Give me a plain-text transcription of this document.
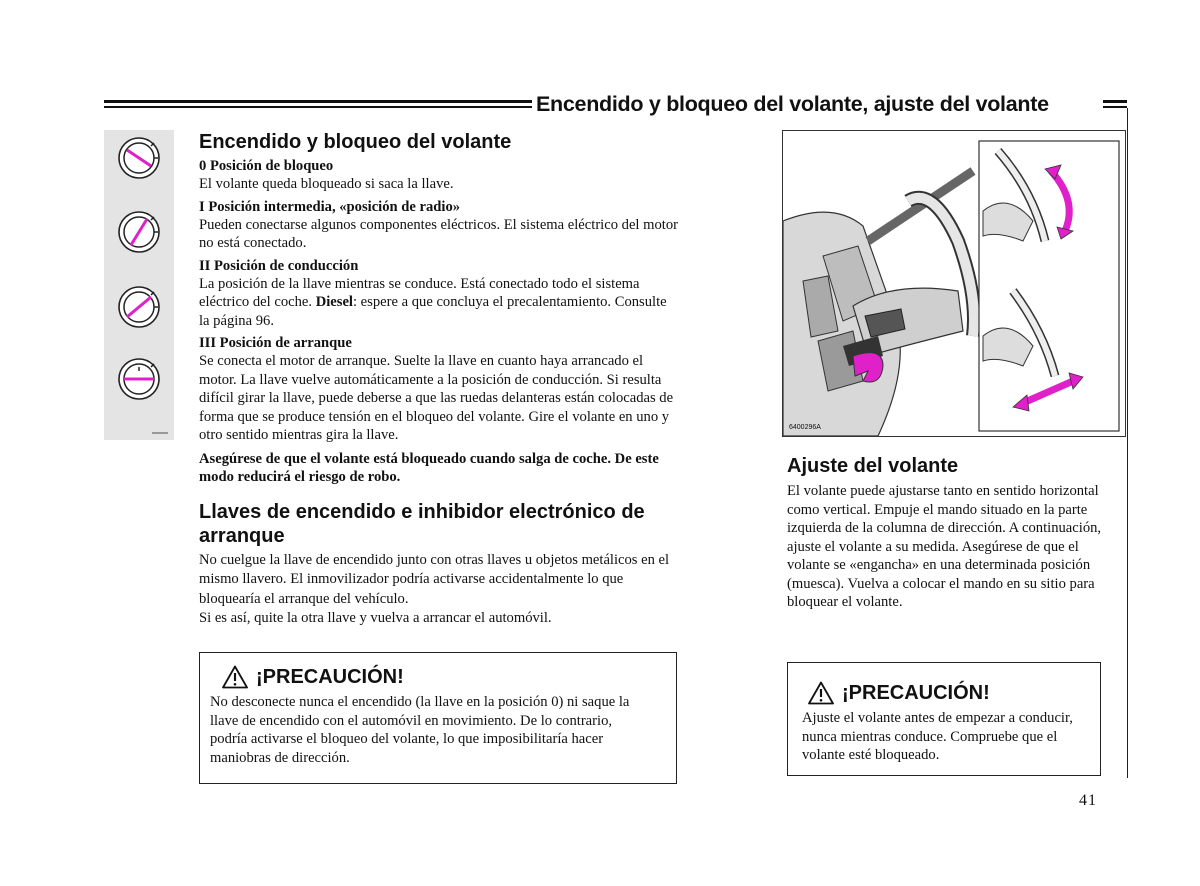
Encendido y bloqueo del volante, ajuste del volante
Encendido y bloqueo del volante
0 Posición de bloqueo
El volante queda bloqueado si saca la llave.
I Posición intermedia, «posición de radio»
Pueden conectarse algunos componentes eléctricos. El sistema eléctrico del motor no está conectado.
II Posición de conducción
La posición de la llave mientras se conduce. Está conectado todo el sistema eléctrico del coche. Diesel: espere a que concluya el precalentamiento. Consulte la página 96.
III Posición de arranque
Se conecta el motor de arranque. Suelte la llave en cuanto haya arrancado el motor. La llave vuelve automáticamente a la posición de conducción. Si resulta difícil girar la llave, puede deberse a que las ruedas delanteras están colocadas de forma que se produce tensión en el bloqueo del volante. Gire el volante en uno y otro sentido mientras gira la llave.
Asegúrese de que el volante está bloqueado cuando salga de coche. De este modo reducirá el riesgo de robo.
Llaves de encendido e inhibidor electrónico de arranque
No cuelgue la llave de encendido junto con otras llaves u objetos metálicos en el mismo llavero. El inmovilizador podría activarse accidentalmente lo que bloquearía el arranque del vehículo.
Si es así, quite la otra llave y vuelva a arrancar el automóvil.
¡PRECAUCIÓN!
No desconecte nunca el encendido (la llave en la posición 0) ni saque la llave de encendido con el automóvil en movimiento. De lo contrario, podría activarse el bloqueo del volante, lo que imposibilitaría hacer maniobras de dirección.
6400296A
Ajuste del volante
El volante puede ajustarse tanto en sentido horizontal como vertical. Empuje el mando situado en la parte izquierda de la columna de dirección. A continuación, ajuste el volante a su medida. Asegúrese de que el volante se «engancha» en una determinada posición (muesca). Vuelva a colocar el mando en su sitio para bloquear el volante.
¡PRECAUCIÓN!
Ajuste el volante antes de empezar a conducir, nunca mientras conduce. Compruebe que el volante esté bloqueado.
41
